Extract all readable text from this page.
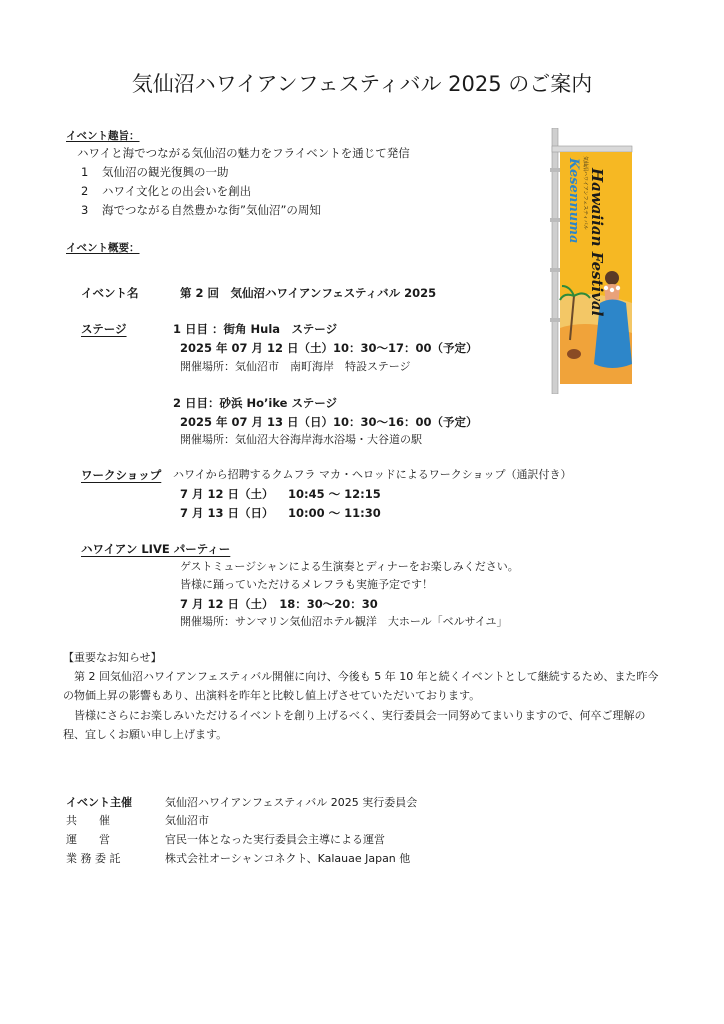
気仙沼ハワイアンフェスティバル 2025 のご案内
イベント趣旨：
ハワイと海でつながる気仙沼の魅力をフライベントを通じて発信
1 気仙沼の観光復興の一助
2 ハワイ文化との出会いを創出
3 海でつながる自然豊かな街”気仙沼”の周知
イベント概要：
イベント名	第 2 回　気仙沼ハワイアンフェスティバル 2025
ステージ	1 日目 ：街角 Hula　ステージ
2025 年 07 月 12 日（土）10：30～17：00（予定）
開催場所：気仙沼市　南町海岸　特設ステージ
2 日目：砂浜 Ho’ike ステージ
2025 年 07 月 13 日（日）10：30～16：00（予定）
開催場所：気仙沼大谷海岸海水浴場・大谷道の駅
ワークショップ ハワイから招聘するクムフラ マカ・ヘロッドによるワークショップ（通訳付き）
7 月 12 日（土） 10:45 ～ 12:15
7 月 13 日（日） 10:00 ～ 11:30
ハワイアン LIVE パーティー
ゲストミュージシャンによる生演奏とディナーをお楽しみください。
皆様に踊っていただけるメレフラも実施予定です！
7 月 12 日（土）　18：30～20：30
開催場所：サンマリン気仙沼ホテル観洋　大ホール「ベルサイユ」
【重要なお知らせ】
　第 2 回気仙沼ハワイアンフェスティバル開催に向け、今後も 5 年 10 年と続くイベントとして継続するため、また昨今の物価上昇の影響もあり、出演料を昨年と比較し値上げさせていただいております。
　皆様にさらにお楽しみいただけるイベントを創り上げるべく、実行委員会一同努めてまいりますので、何卒ご理解の程、宜しくお願い申し上げます。
イベント主催	気仙沼ハワイアンフェスティバル 2025 実行委員会
共　　催	気仙沼市
運　　営	官民一体となった実行委員会主導による運営
業 務 委 託	株式会社オーシャンコネクト、Kalauae Japan 他
Kesennuma 気仙沼ハワイアンフェスティバル Hawaiian Festival
